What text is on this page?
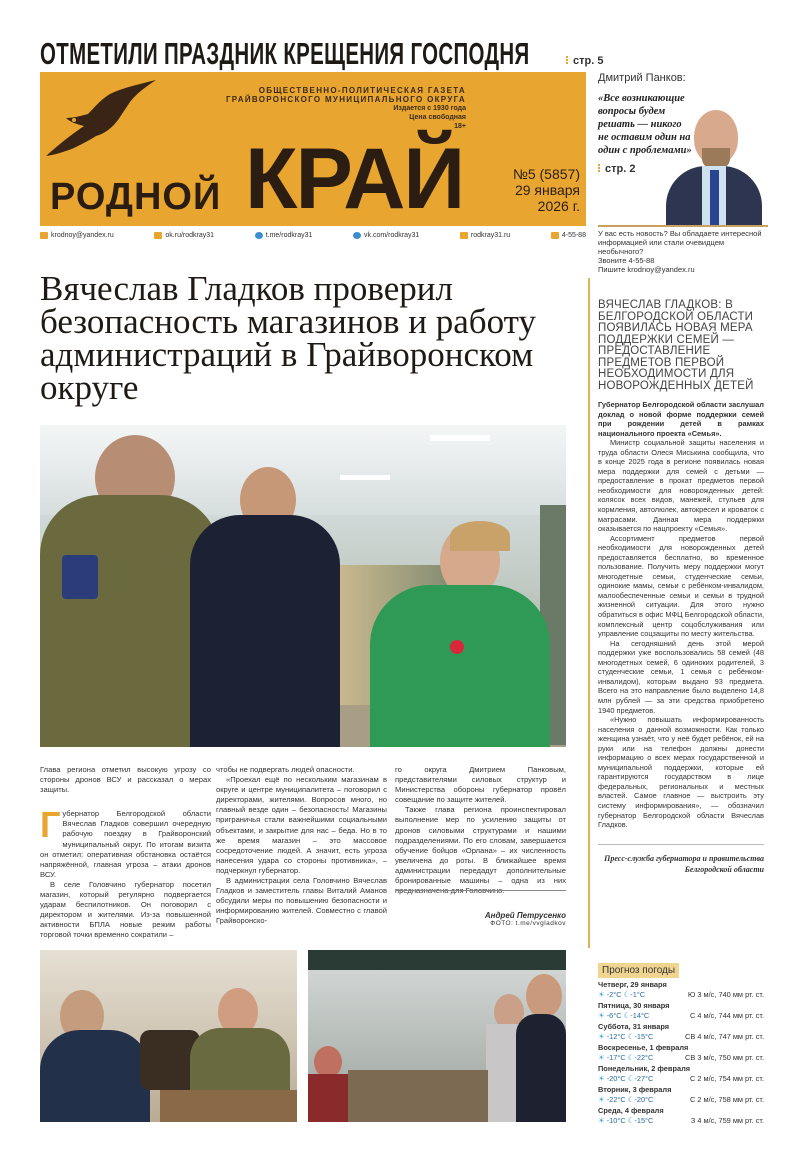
ОТМЕТИЛИ ПРАЗДНИК КРЕЩЕНИЯ ГОСПОДНЯ	стр. 5
ОБЩЕСТВЕННО-ПОЛИТИЧЕСКАЯ ГАЗЕТА
ГРАЙВОРОНСКОГО МУНИЦИПАЛЬНОГО ОКРУГА
Издается с 1930 года
Цена свободная
18+
РОДНОЙ КРАЙ	№5 (5857)
29 января
2026 г.
krodnoy@yandex.ru	ok.ru/rodkray31	t.me/rodkray31	vk.com/rodkray31	rodkray31.ru	4-55-88
Дмитрий Панков:
«Все возникающие вопросы будем решать — никого не оставим один на один с проблемами»
стр. 2
У вас есть новость? Вы обладаете интересной информацией или стали очевидцем необычного?
Звоните 4-55-88
Пишите krodnoy@yandex.ru
Вячеслав Гладков проверил безопасность магазинов и работу администраций в Грайворонском округе

Глава региона отметил высокую угрозу со стороны дронов ВСУ и рассказал о мерах защиты.

Губернатор Белгородской области Вячеслав Гладков совершил очередную рабочую поездку в Грайворонский муниципальный округ. По итогам визита он отметил: оперативная обстановка остаётся напряжённой, главная угроза – атаки дронов ВСУ.

В селе Головчино губернатор посетил магазин, который регулярно подвергается ударам беспилотников. Он поговорил с директором и жителями. Из-за повышенной активности БПЛА новые режим работы торговой точки временно сократили –

чтобы не подвергать людей опасности.

«Проехал ещё по нескольким магазинам в округе и центре муниципалитета – поговорил с директорами, жителями. Вопросов много, но главный везде один – безопасность! Магазины приграничья стали важнейшими социальными объектами, и закрытие для нас – беда. Но в то же время магазин – это массовое сосредоточение людей. А значит, есть угроза нанесения удара со стороны противника», – подчеркнул губернатор.

В администрации села Головчино Вячеслав Гладков и заместитель главы Виталий Аманов обсудили меры по повышению безопасности и информированию жителей. Совместно с главой Грайворонско-

го округа Дмитрием Панковым, представителями силовых структур и Министерства обороны губернатор провёл совещание по защите жителей.

Также глава региона проинспектировал выполнение мер по усилению защиты от дронов силовыми структурами и нашими подразделениями. По его словам, завершается обучение бойцов «Орлана» – их численность увеличена до роты. В ближайшее время администрации передадут дополнительные бронированные машины – одна из них

Андрей Петрусенко
ФОТО: t.me/vvgladkov
ВЯЧЕСЛАВ ГЛАДКОВ: В БЕЛГОРОДСКОЙ ОБЛАСТИ ПОЯВИЛАСЬ НОВАЯ МЕРА ПОДДЕРЖКИ СЕМЕЙ — ПРЕДОСТАВЛЕНИЕ ПРЕДМЕТОВ ПЕРВОЙ НЕОБХОДИМОСТИ ДЛЯ НОВОРОЖДЕННЫХ ДЕТЕЙ

Губернатор Белгородской области заслушал доклад о новой форме поддержки семей при рождении детей в рамках национального проекта «Семья».

Министр социальной защиты населения и труда области Олеся Миськина сообщила, что в конце 2025 года в регионе появилась новая мера поддержки для семей с детьми — предоставление в прокат предметов первой необходимости для новорожденных детей: колясок всех видов, манежей, стульев для кормления, автолюлек, автокресел и кроваток с матрасами. Данная мера поддержки оказывается по нацпроекту «Семья».

Ассортимент предметов первой необходимости для новорожденных детей предоставляется бесплатно, во временное пользование. Получить меру поддержки могут многодетные семьи, студенческие семьи, одинокие мамы, семьи с ребёнком-инвалидом, малообеспеченные семьи и семьи в трудной жизненной ситуации. Для этого нужно обратиться в офис МФЦ Белгородской области, комплексный центр соцобслуживания или управление соцзащиты по месту жительства.

На сегодняшний день этой мерой поддержки уже воспользовались 58 семей (48 многодетных семей, 6 одиноких родителей, 3 студенческие семьи, 1 семья с ребёнком-инвалидом), которым выдано 93 предмета. Всего на это направление было выделено 14,8 млн рублей — за эти средства приобретено 1940 предметов.

«Нужно повышать информированность населения о данной возможности. Как только женщина узнаёт, что у неё будет ребёнок, ей на руки или на телефон должны донести информацию о всех мерах государственной и муниципальной поддержки, которые ей гарантируются государством в лице федеральных, региональных и местных властей. Самое главное — выстроить эту систему информирования», — обозначил губернатор Белгородской области Вячеслав Гладков.

Пресс-служба губернатора и правительства Белгородской области
Прогноз погоды
Четверг, 29 января
☀ -2°C ☾-1°C	Ю 3 м/с, 740 мм рт. ст.
Пятница, 30 января
☀ -6°C ☾-14°C	С 4 м/с, 744 мм рт. ст.
Суббота, 31 января
☀ -12°C ☾-15°C	СВ 4 м/с, 747 мм рт. ст.
Воскресенье, 1 февраля
☀ -17°C ☾-22°C	СВ 3 м/с, 750 мм рт. ст.
Понедельник, 2 февраля
☀ -20°C ☾-27°C	С 2 м/с, 754 мм рт. ст.
Вторник, 3 февраля
☀ -22°C ☾-20°C	С 2 м/с, 758 мм рт. ст.
Среда, 4 февраля
☀ -10°C ☾-15°C	З 4 м/с, 759 мм рт. ст.
